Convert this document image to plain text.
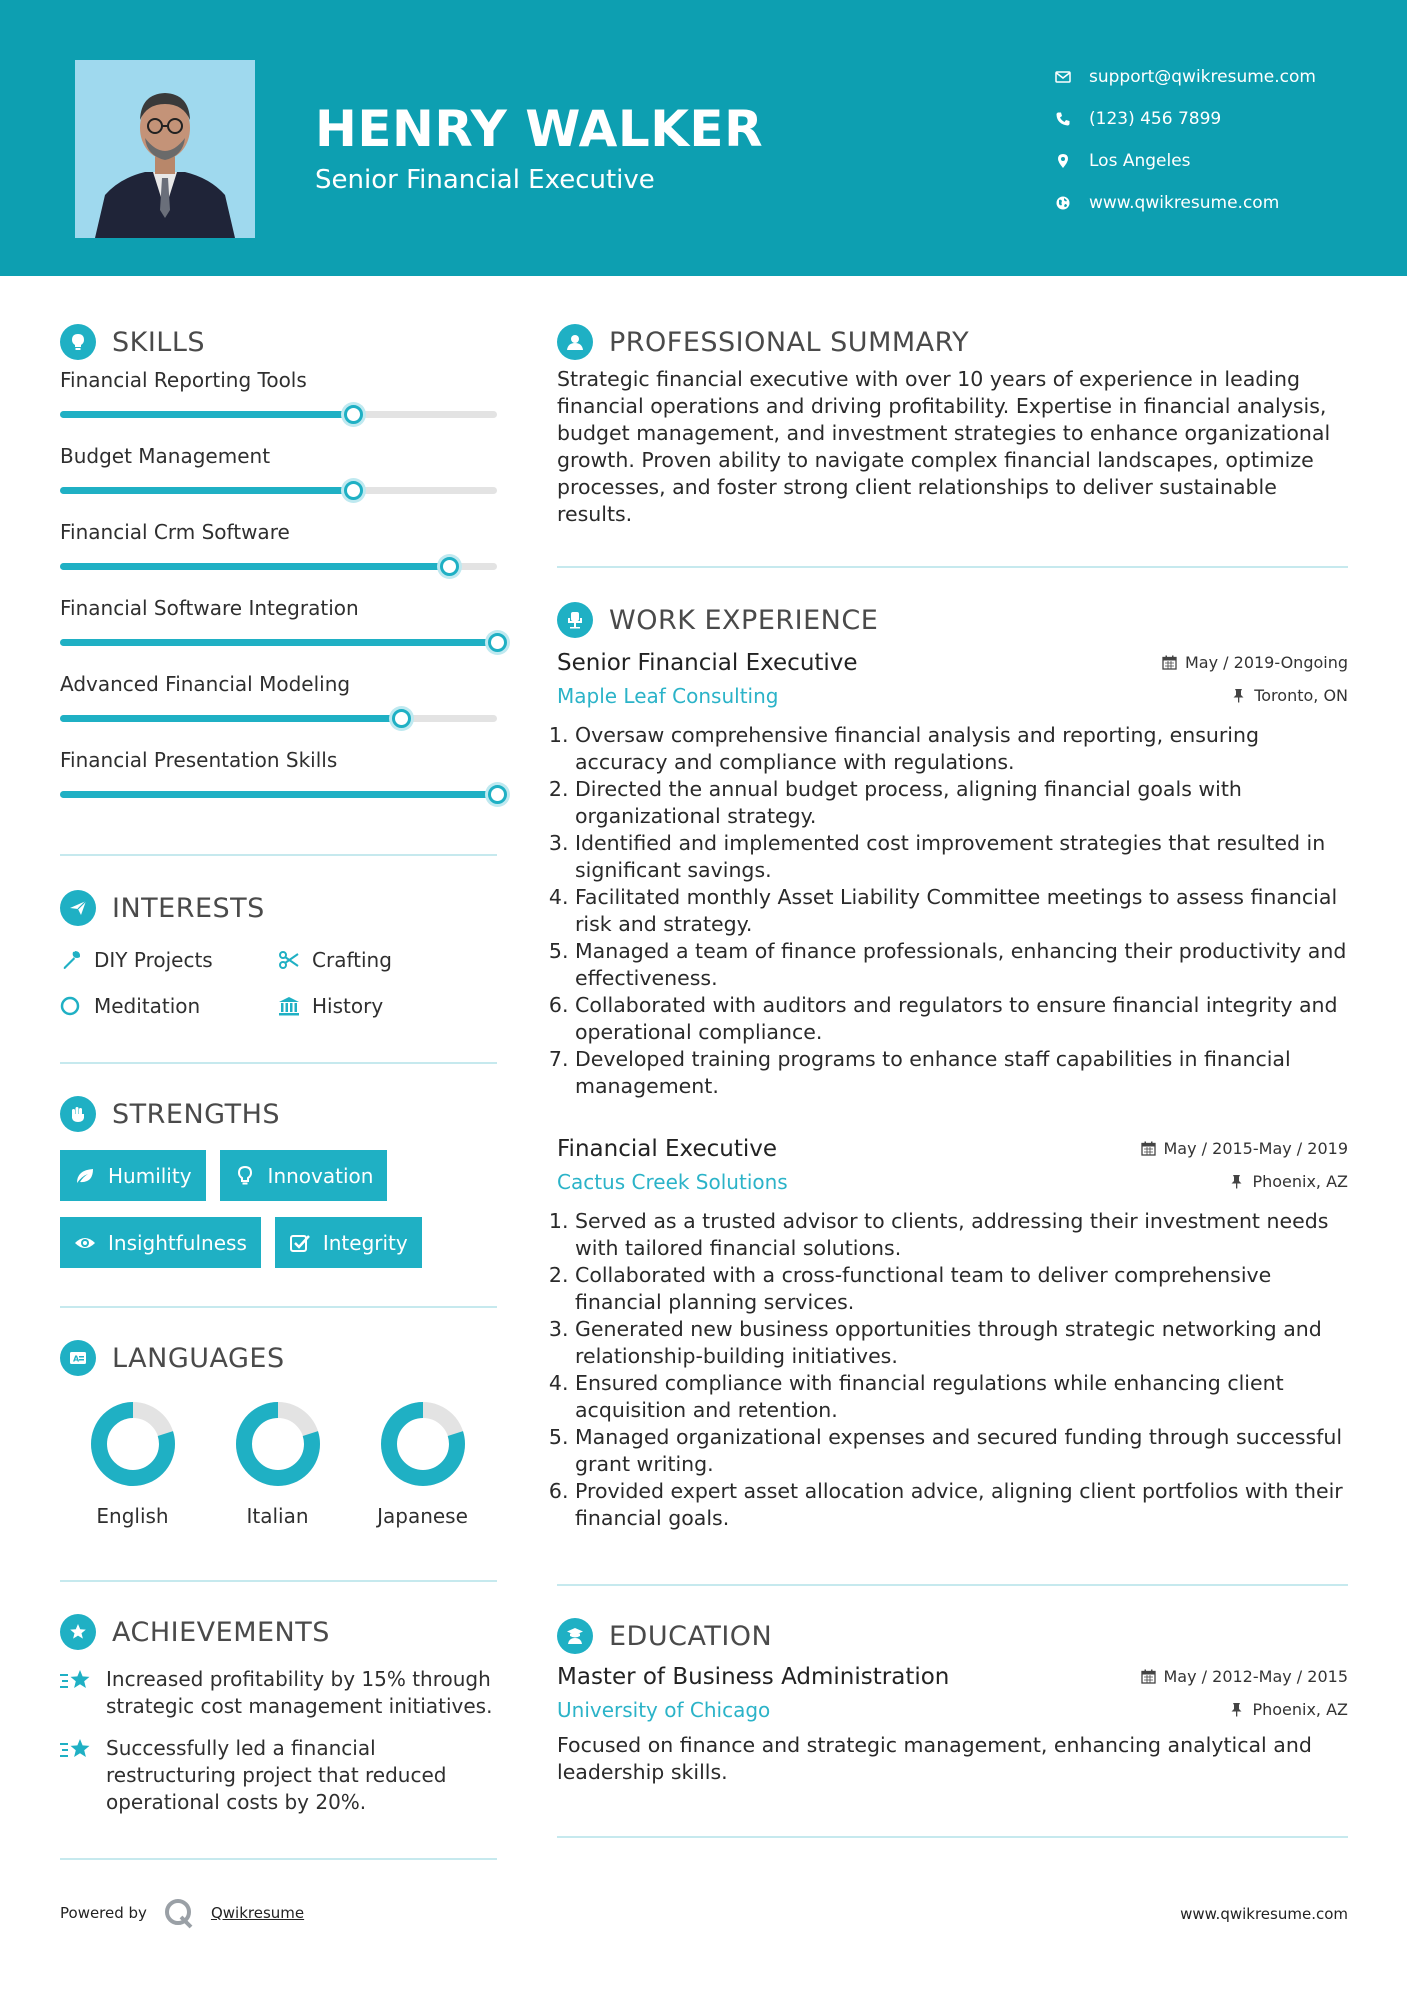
HENRY WALKER
Senior Financial Executive
support@qwikresume.com
(123) 456 7899
Los Angeles
www.qwikresume.com
SKILLS
Financial Reporting Tools
Budget Management
Financial Crm Software
Financial Software Integration
Advanced Financial Modeling
Financial Presentation Skills
INTERESTS
DIY Projects	Crafting
Meditation	History
STRENGTHS
Humility	Innovation
Insightfulness	Integrity
A LANGUAGES
English	Italian	Japanese
ACHIEVEMENTS
Increased profitability by 15% through strategic cost management initiatives.
Successfully led a financial restructuring project that reduced operational costs by 20%.
PROFESSIONAL SUMMARY

Strategic financial executive with over 10 years of experience in leading financial operations and driving profitability. Expertise in financial analysis, budget management, and investment strategies to enhance organizational growth. Proven ability to navigate complex financial landscapes, optimize processes, and foster strong client relationships to deliver sustainable results.

WORK EXPERIENCE
Senior Financial Executive	May / 2019-Ongoing
Maple Leaf Consulting	Toronto, ON
1. Oversaw comprehensive financial analysis and reporting, ensuring accuracy and compliance with regulations.
2. Directed the annual budget process, aligning financial goals with organizational strategy.
3. Identified and implemented cost improvement strategies that resulted in significant savings.
4. Facilitated monthly Asset Liability Committee meetings to assess financial risk and strategy.
5. Managed a team of finance professionals, enhancing their productivity and effectiveness.
6. Collaborated with auditors and regulators to ensure financial integrity and operational compliance.
7. Developed training programs to enhance staff capabilities in financial management.
Financial Executive	May / 2015-May / 2019
Cactus Creek Solutions	Phoenix, AZ
1. Served as a trusted advisor to clients, addressing their investment needs with tailored financial solutions.
2. Collaborated with a cross-functional team to deliver comprehensive financial planning services.
3. Generated new business opportunities through strategic networking and relationship-building initiatives.
4. Ensured compliance with financial regulations while enhancing client acquisition and retention.
5. Managed organizational expenses and secured funding through successful grant writing.
6. Provided expert asset allocation advice, aligning client portfolios with their financial goals.
EDUCATION
Master of Business Administration	May / 2012-May / 2015
University of Chicago	Phoenix, AZ

Focused on finance and strategic management, enhancing analytical and leadership skills.

Powered by	Qwikresume	www.qwikresume.com
